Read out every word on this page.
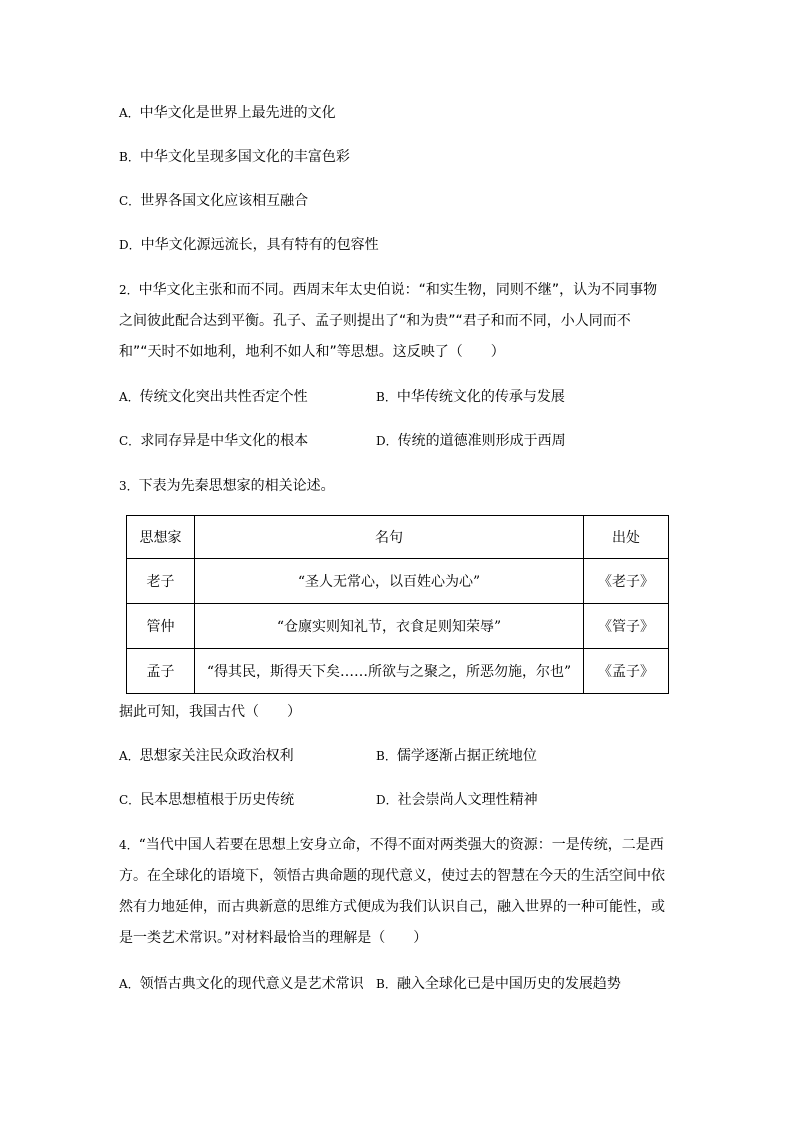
A．中华文化是世界上最先进的文化
B．中华文化呈现多国文化的丰富色彩
C．世界各国文化应该相互融合
D．中华文化源远流长，具有特有的包容性
2．中华文化主张和而不同。西周末年太史伯说：“和实生物，同则不继”，认为不同事物
之间彼此配合达到平衡。孔子、孟子则提出了“和为贵”“君子和而不同，小人同而不
和”“天时不如地利，地利不如人和”等思想。这反映了（　　）
A．传统文化突出共性否定个性	B．中华传统文化的传承与发展
C．求同存异是中华文化的根本	D．传统的道德准则形成于西周
3．下表为先秦思想家的相关论述。
思想家	名句	出处
老子	“圣人无常心，以百姓心为心”	《老子》
管仲	“仓廪实则知礼节，衣食足则知荣辱”	《管子》
孟子	“得其民，斯得天下矣……所欲与之聚之，所恶勿施，尔也”	《孟子》
据此可知，我国古代（　　）
A．思想家关注民众政治权利	B．儒学逐渐占据正统地位
C．民本思想植根于历史传统	D．社会崇尚人文理性精神
4．“当代中国人若要在思想上安身立命，不得不面对两类强大的资源：一是传统，二是西
方。在全球化的语境下，领悟古典命题的现代意义，使过去的智慧在今天的生活空间中依
然有力地延伸，而古典新意的思维方式便成为我们认识自己，融入世界的一种可能性，或
是一类艺术常识。”对材料最恰当的理解是（　　）
A．领悟古典文化的现代意义是艺术常识 B．融入全球化已是中国历史的发展趋势
